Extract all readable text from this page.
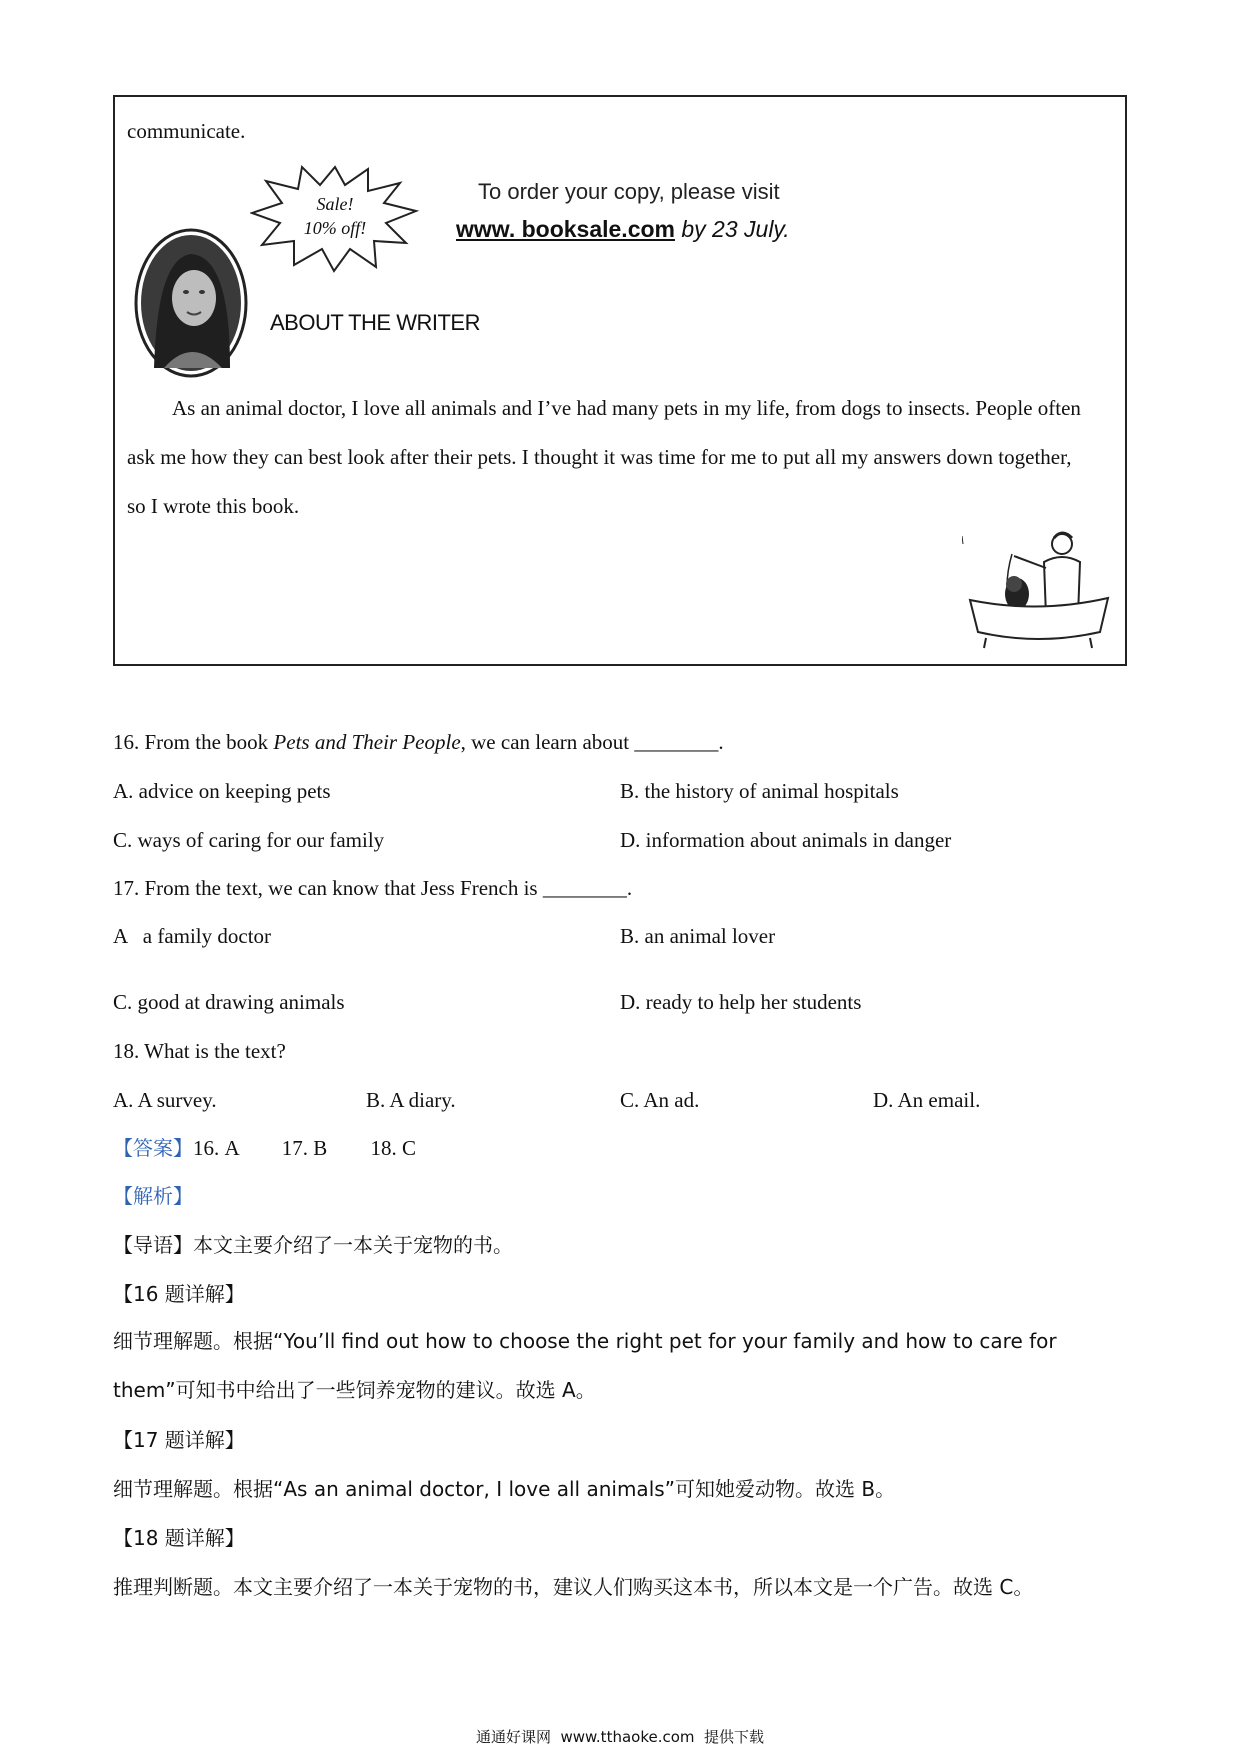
communicate.
Sale!
10% off!
To order your copy, please visit
www. booksale.com by 23 July.
ABOUT THE WRITER
As an animal doctor, I love all animals and I’ve had many pets in my life, from dogs to insects. People often ask me how they can best look after their pets. I thought it was time for me to put all my answers down together, so I wrote this book.
16. From the book Pets and Their People, we can learn about ________.
A. advice on keeping pets	B. the history of animal hospitals
C. ways of caring for our family	D. information about animals in danger
17. From the text, we can know that Jess French is ________.
A   a family doctor	B. an animal lover
C. good at drawing animals	D. ready to help her students
18. What is the text?
A. A survey.	B. A diary.	C. An ad.	D. An email.
【答案】16. A 17. B 18. C
【解析】
【导语】本文主要介绍了一本关于宠物的书。
【16 题详解】
细节理解题。根据“You’ll find out how to choose the right pet for your family and how to care for them”可知书中给出了一些饲养宠物的建议。故选 A。
【17 题详解】
细节理解题。根据“As an animal doctor, I love all animals”可知她爱动物。故选 B。
【18 题详解】
推理判断题。本文主要介绍了一本关于宠物的书，建议人们购买这本书，所以本文是一个广告。故选 C。
通通好课网  www.tthaoke.com  提供下载
